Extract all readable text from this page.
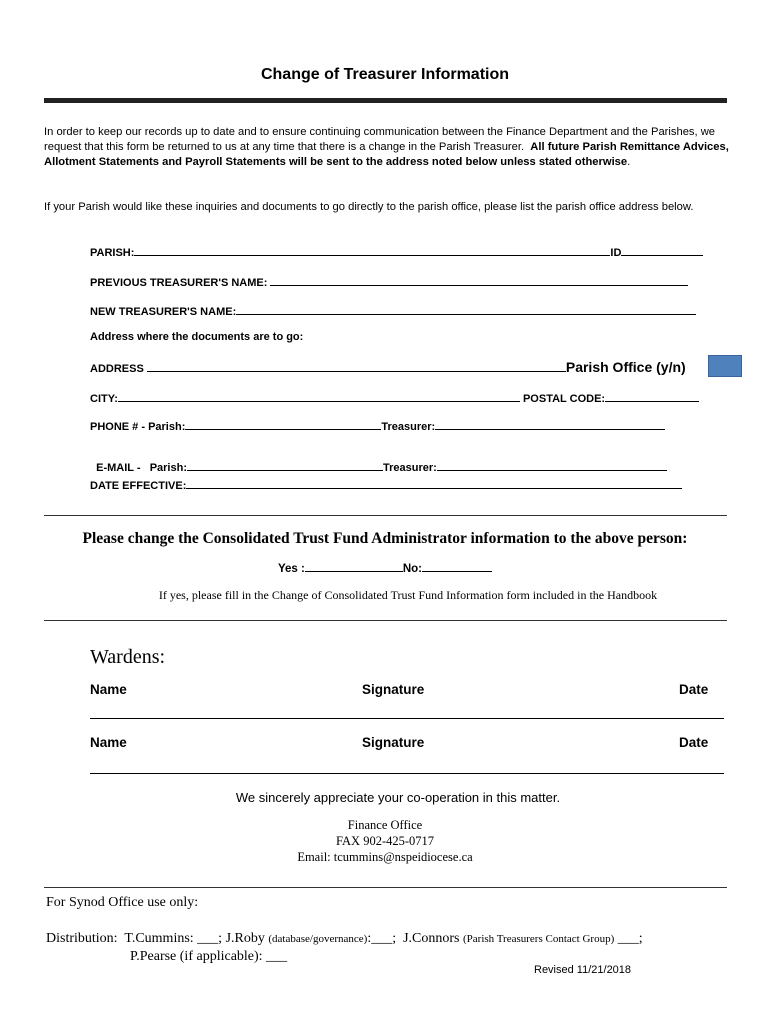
Change of Treasurer Information
In order to keep our records up to date and to ensure continuing communication between the Finance Department and the Parishes, we request that this form be returned to us at any time that there is a change in the Parish Treasurer. All future Parish Remittance Advices, Allotment Statements and Payroll Statements will be sent to the address noted below unless stated otherwise.
If your Parish would like these inquiries and documents to go directly to the parish office, please list the parish office address below.
PARISH:	ID
PREVIOUS TREASURER'S NAME:
NEW TREASURER'S NAME:
Address where the documents are to go:
ADDRESS	Parish Office (y/n)
CITY:	POSTAL CODE:
PHONE # - Parish:	Treasurer:

E-MAIL -   Parish:	Treasurer:

DATE EFFECTIVE:
Please change the Consolidated Trust Fund Administrator information to the above person:
Yes :	No:
If yes, please fill in the Change of Consolidated Trust Fund Information form included in the Handbook
Wardens:
Name	Signature	Date
Name	Signature	Date
We sincerely appreciate your co-operation in this matter.
Finance Office
FAX 902-425-0717
Email: tcummins@nspeidiocese.ca
For Synod Office use only:
Distribution: T.Cummins: ___; J.Roby (database/governance):___; J.Connors (Parish Treasurers Contact Group) ___;
P.Pearse (if applicable): ___
Revised 11/21/2018
